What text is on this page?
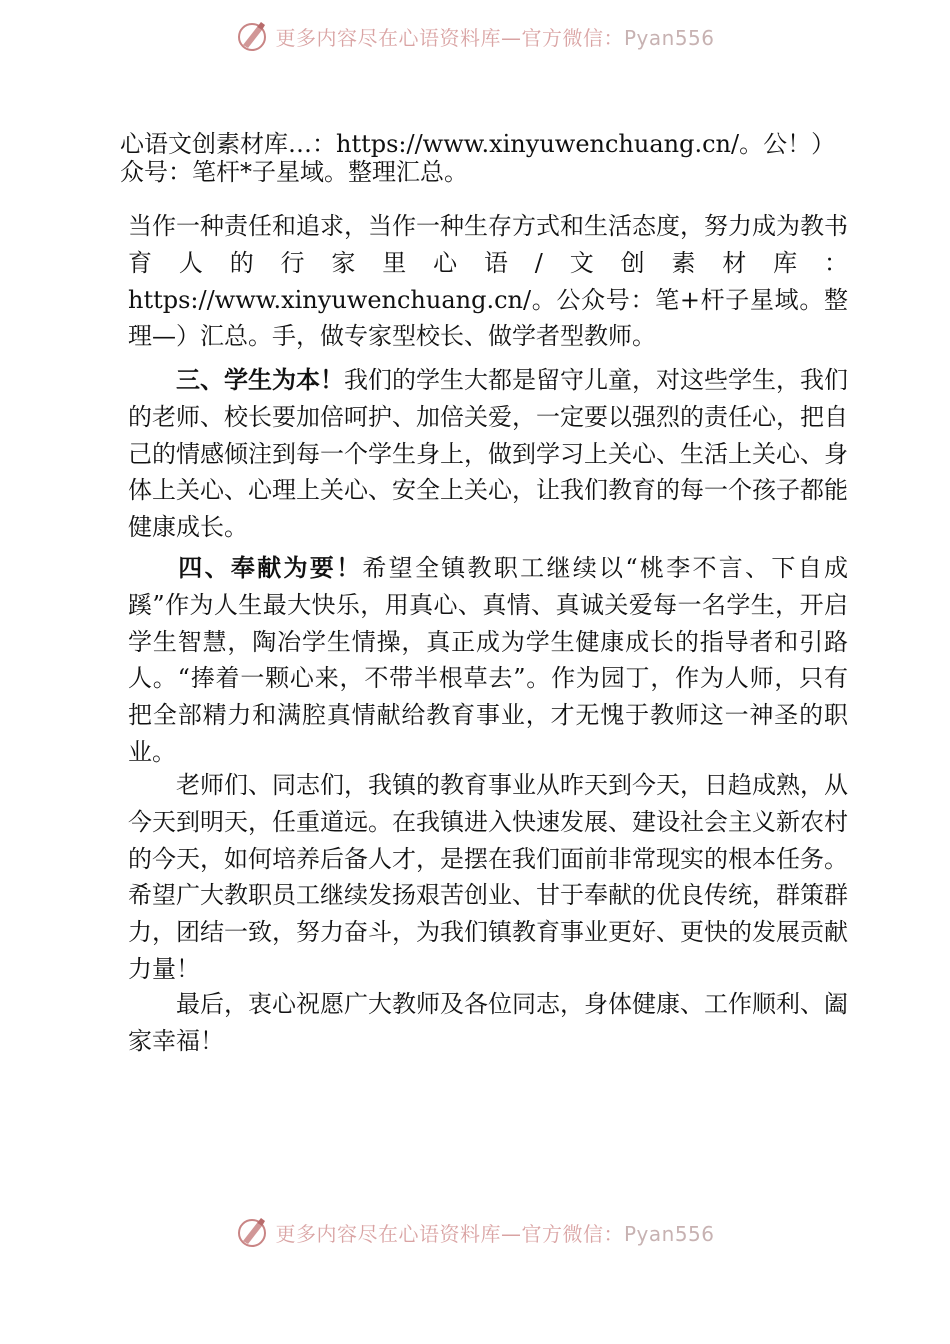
更多内容尽在心语资料库—官方微信：Pyan556
心语文创素材库…：https://www.xinyuwenchuang.cn/。公！）
众号：笔杆*子星域。整理汇总。
当作一种责任和追求，当作一种生存方式和生活态度，努力成为教书育人的行家里心语/文创素材库：https://www.xinyuwenchuang.cn/。公众号：笔+杆子星域。整理—）汇总。手，做专家型校长、做学者型教师。
三、学生为本！我们的学生大都是留守儿童，对这些学生，我们的老师、校长要加倍呵护、加倍关爱，一定要以强烈的责任心，把自己的情感倾注到每一个学生身上，做到学习上关心、生活上关心、身体上关心、心理上关心、安全上关心，让我们教育的每一个孩子都能健康成长。
四、奉献为要！希望全镇教职工继续以“桃李不言、下自成蹊”作为人生最大快乐，用真心、真情、真诚关爱每一名学生，开启学生智慧，陶冶学生情操，真正成为学生健康成长的指导者和引路人。“捧着一颗心来，不带半根草去”。作为园丁，作为人师，只有把全部精力和满腔真情献给教育事业，才无愧于教师这一神圣的职业。
老师们、同志们，我镇的教育事业从昨天到今天，日趋成熟，从今天到明天，任重道远。在我镇进入快速发展、建设社会主义新农村的今天，如何培养后备人才，是摆在我们面前非常现实的根本任务。希望广大教职员工继续发扬艰苦创业、甘于奉献的优良传统，群策群力，团结一致，努力奋斗，为我们镇教育事业更好、更快的发展贡献力量！
最后，衷心祝愿广大教师及各位同志，身体健康、工作顺利、阖家幸福！
更多内容尽在心语资料库—官方微信：Pyan556
